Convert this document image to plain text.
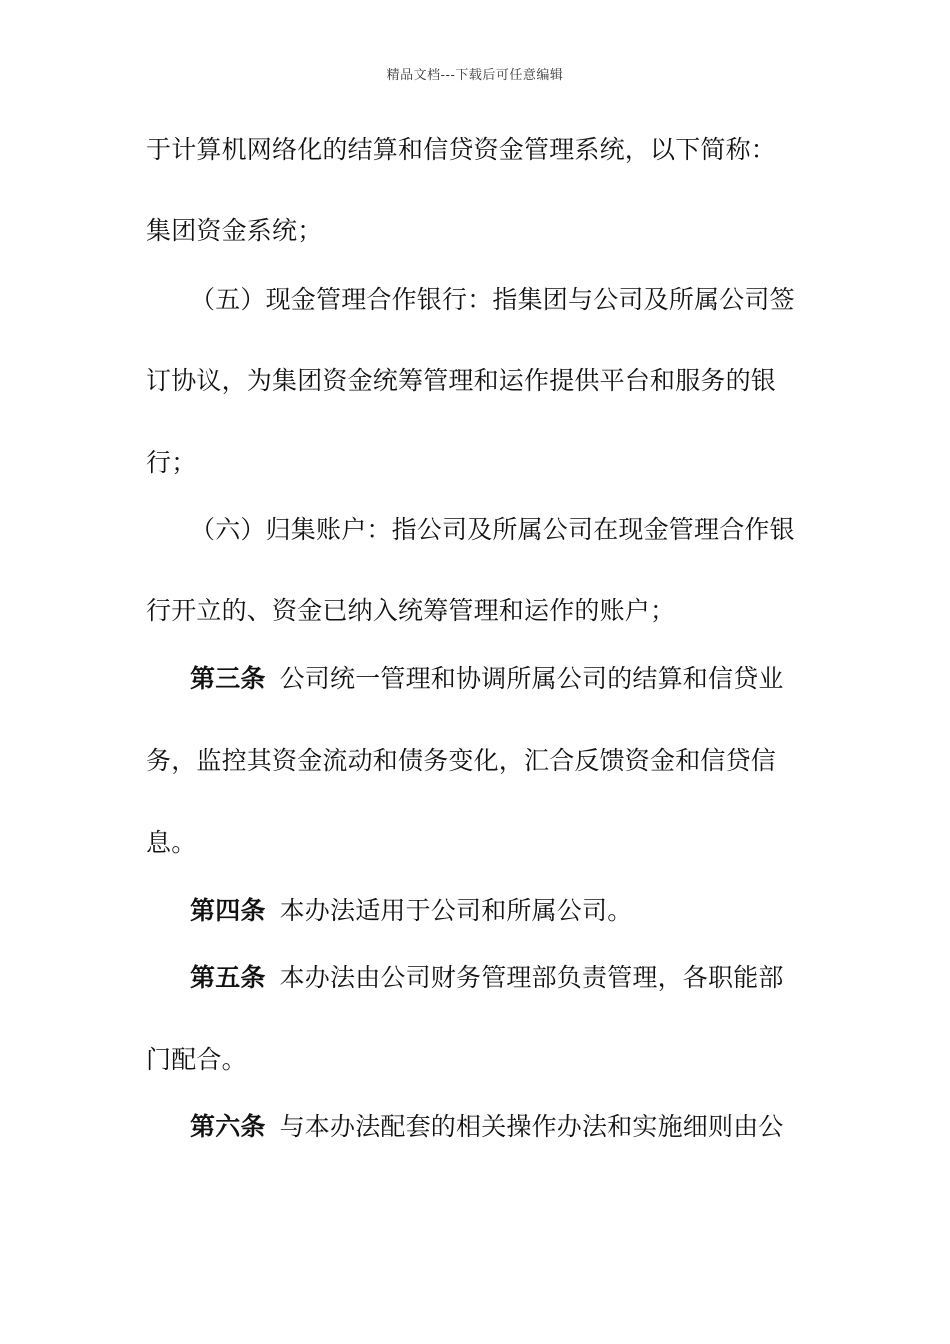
精品文档---下载后可任意编辑
于计算机网络化的结算和信贷资金管理系统，以下简称：
集团资金系统；
（五）现金管理合作银行：指集团与公司及所属公司签
订协议，为集团资金统筹管理和运作提供平台和服务的银
行；
（六）归集账户：指公司及所属公司在现金管理合作银
行开立的、资金已纳入统筹管理和运作的账户；
第三条 公司统一管理和协调所属公司的结算和信贷业
务，监控其资金流动和债务变化，汇合反馈资金和信贷信
息。
第四条 本办法适用于公司和所属公司。
第五条 本办法由公司财务管理部负责管理，各职能部
门配合。
第六条 与本办法配套的相关操作办法和实施细则由公
